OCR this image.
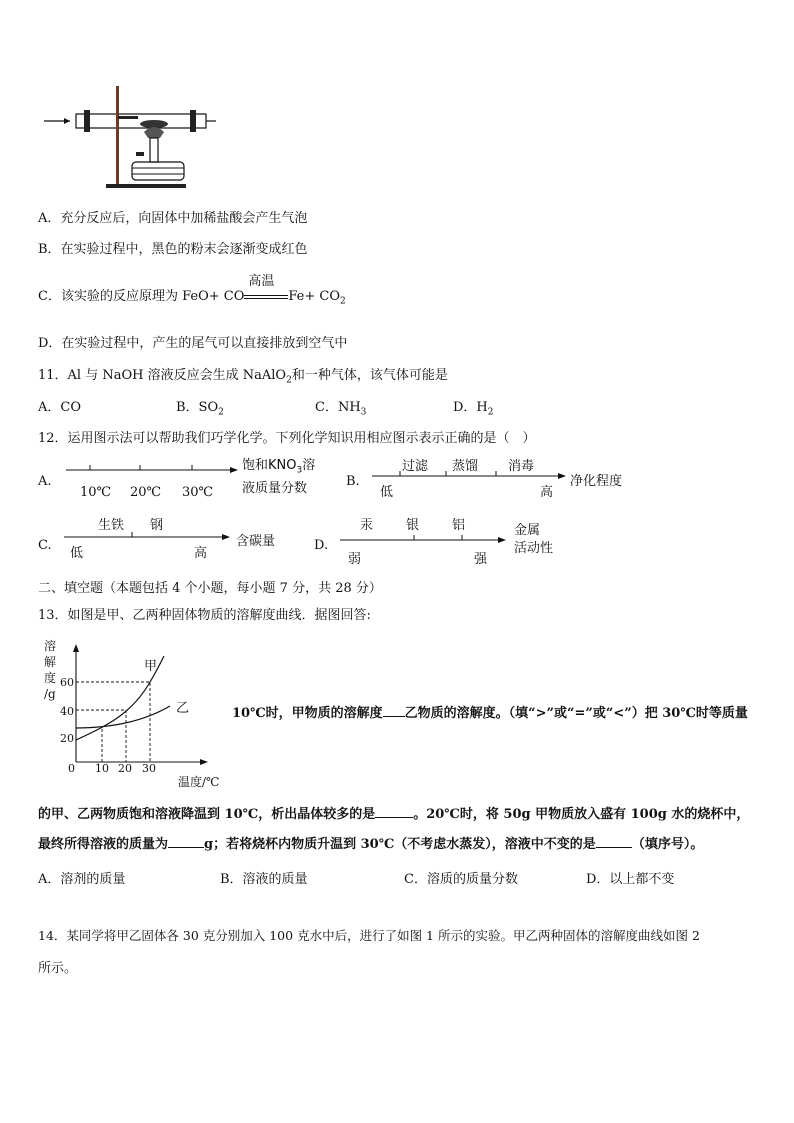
A．充分反应后，向固体中加稀盐酸会产生气泡
B．在实验过程中，黑色的粉末会逐渐变成红色
C．该实验的反应原理为 FeO+ CO
高温
$Fe+ CO_2$
D．在实验过程中，产生的尾气可以直接排放到空气中
11．Al 与 NaOH 溶液反应会生成 NaAlO$_2$和一种气体，该气体可能是
A．CO	B．$SO_2$	C．$NH_3$	D．$H_2$
12．运用图示法可以帮助我们巧学化学。下列化学知识用相应图示表示正确的是（　）
A.
10℃ 20℃ 30℃
饱和$KNO_3$溶
液质量分数	B.
过滤 蒸馏 消毒
低	高
净化程度
C.
生铁 钢
低	高
含碳量	D.
汞	银	铝
弱	强
金属
活动性
二、填空题（本题包括 4 个小题，每小题 7 分，共 28 分）
13．如图是甲、乙两种固体物质的溶解度曲线．据图回答:
溶
解
度
/g
60
40
20
0 10 20 30
甲
乙
温度/℃
10℃时，甲物质的溶解度 乙物质的溶解度。（填“>”或“=”或“<”）把 30℃时等质量
的甲、乙两物质饱和溶液降温到 10℃，析出晶体较多的是	。20℃时，将 50g 甲物质放入盛有 100g 水的烧杯中，
最终所得溶液的质量为	g；若将烧杯内物质升温到 30℃（不考虑水蒸发），溶液中不变的是	（填序号）。
A．溶剂的质量	B．溶液的质量	C．溶质的质量分数	D．以上都不变
14．某同学将甲乙固体各 30 克分别加入 100 克水中后，进行了如图 1 所示的实验。甲乙两种固体的溶解度曲线如图 2
所示。
